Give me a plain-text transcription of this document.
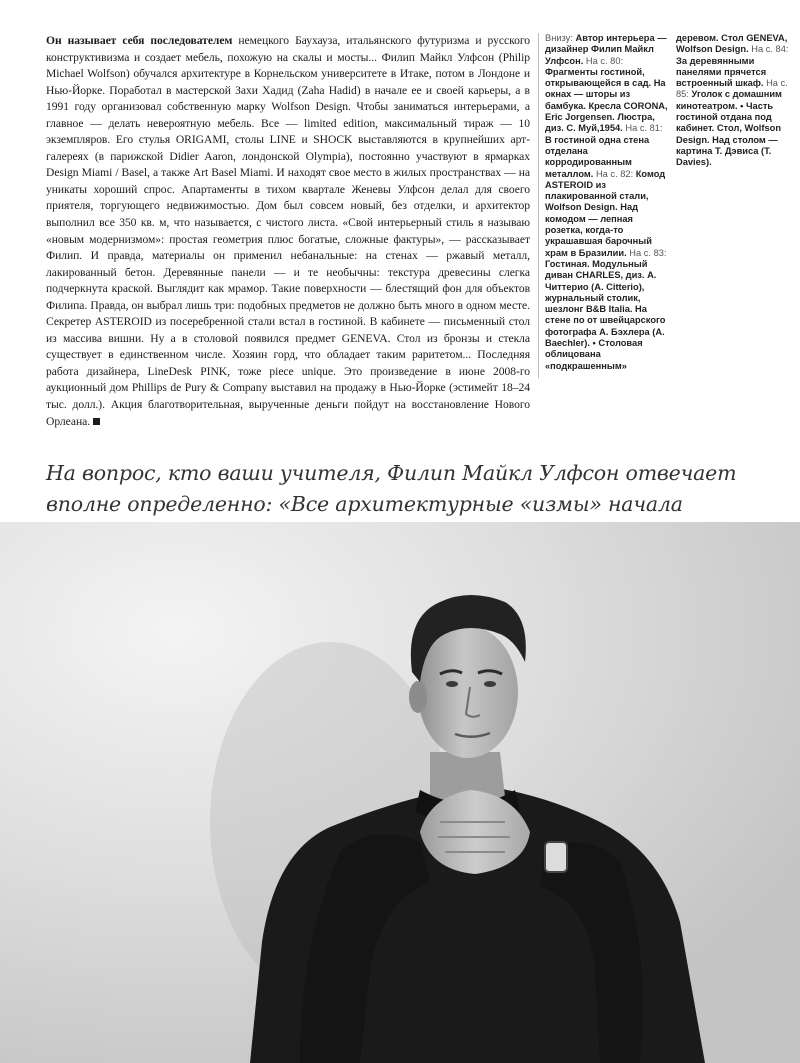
Он называет себя последователем немецкого Баухауза, итальянского футуризма и русского конструктивизма и создает мебель, похожую на скалы и мосты... Филип Майкл Улфсон (Philip Michael Wolfson) обучался архитектуре в Корнельском университете в Итаке, потом в Лондоне и Нью-Йорке. Поработал в мастерской Захи Хадид (Zaha Hadid) в начале ее и своей карьеры, а в 1991 году организовал собственную марку Wolfson Design. Чтобы заниматься интерьерами, а главное — делать невероятную мебель. Все — limited edition, максимальный тираж — 10 экземпляров. Его стулья ORIGAMI, столы LINE и SHOCK выставляются в крупнейших арт-галереях (в парижской Didier Aaron, лондонской Olympia), постоянно участвуют в ярмарках Design Miami / Basel, а также Art Basel Miami. И находят свое место в жилых пространствах — на уникаты хороший спрос. Апартаменты в тихом квартале Женевы Улфсон делал для своего приятеля, торгующего недвижимостью. Дом был совсем новый, без отделки, и архитектор выполнил все 350 кв. м, что называется, с чистого листа. «Свой интерьерный стиль я называю «новым модернизмом»: простая геометрия плюс богатые, сложные фактуры», — рассказывает Филип. И правда, материалы он применил небанальные: на стенах — ржавый металл, лакированный бетон. Деревянные панели — и те необычны: текстура древесины слегка подчеркнута краской. Выглядит как мрамор. Такие поверхности — блестящий фон для объектов Филипа. Правда, он выбрал лишь три: подобных предметов не должно быть много в одном месте. Секретер ASTEROID из посеребренной стали встал в гостиной. В кабинете — письменный стол из массива вишни. Ну а в столовой появился предмет GENEVA. Стол из бронзы и стекла существует в единственном числе. Хозяин горд, что обладает таким раритетом... Последняя работа дизайнера, LineDesk PINK, тоже piece unique. Это произведение в июне 2008-го аукционный дом Phillips de Pury & Company выставил на продажу в Нью-Йорке (эстимейт 18–24 тыс. долл.). Акция благотворительная, вырученные деньги пойдут на восстановление Нового Орлеана.
Внизу: Автор интерьера — дизайнер Филип Майкл Улфсон. На с. 80: Фрагменты гостиной, открывающейся в сад. На окнах — шторы из бамбука. Кресла CORONA, Eric Jorgensen. Люстра, диз. С. Муй,1954. На с. 81: В гостиной одна стена отделана корродированным металлом. На с. 82: Комод ASTEROID из плакированной стали, Wolfson Design. Над комодом — лепная розетка, когда-то украшавшая барочный храм в Бразилии. На с. 83: Гостиная. Модульный диван CHARLES, диз. А. Читтерио (A. Citterio), журнальный столик, шезлонг B&B Italia. На стене по от швейцарского фотографа А. Бэхлера (A. Baechler). • Столовая облицована «подкрашенным» деревом. Стол GENEVA, Wolfson Design. На с. 84: За деревянными панелями прячется встроенный шкаф. На с. 85: Уголок с домашним кинотеатром. • Часть гостиной отдана под кабинет. Стол, Wolfson Design. Над столом — картина Т. Дэвиса (T. Davies).
На вопрос, кто ваши учителя, Филип Майкл Улфсон отвечает вполне определенно: «Все архитектурные «измы» начала
